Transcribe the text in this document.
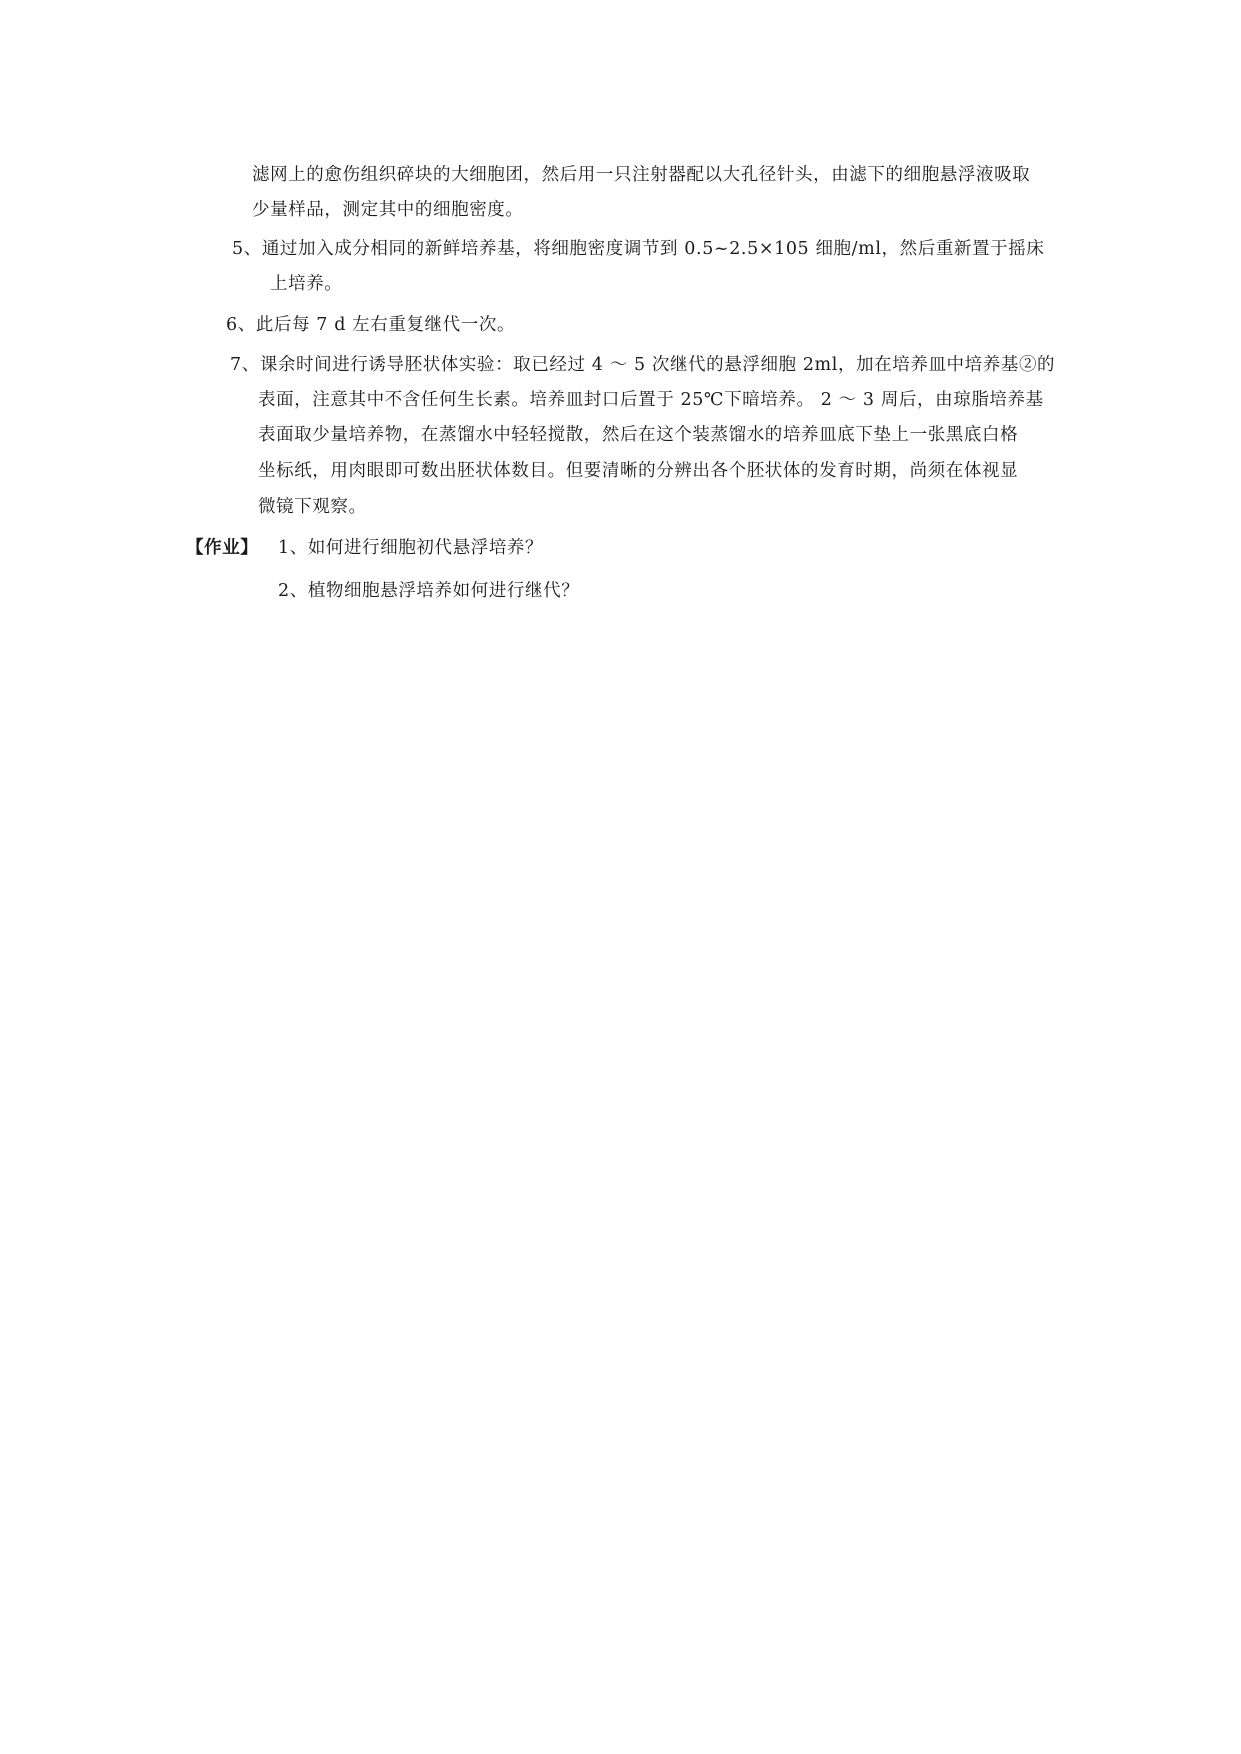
滤网上的愈伤组织碎块的大细胞团，然后用一只注射器配以大孔径针头，由滤下的细胞悬浮液吸取
少量样品，测定其中的细胞密度。
5、通过加入成分相同的新鲜培养基，将细胞密度调节到 0.5~2.5×105 细胞/ml，然后重新置于摇床
上培养。
6、此后每 7 d 左右重复继代一次。
7、课余时间进行诱导胚状体实验：取已经过 4 ～ 5 次继代的悬浮细胞 2ml，加在培养皿中培养基②的
表面，注意其中不含任何生长素。培养皿封口后置于 25℃下暗培养。 2 ～ 3 周后，由琼脂培养基
表面取少量培养物，在蒸馏水中轻轻搅散，然后在这个装蒸馏水的培养皿底下垫上一张黑底白格
坐标纸，用肉眼即可数出胚状体数目。但要清晰的分辨出各个胚状体的发育时期，尚须在体视显
微镜下观察。
【作业】 1、如何进行细胞初代悬浮培养？
2、植物细胞悬浮培养如何进行继代？
